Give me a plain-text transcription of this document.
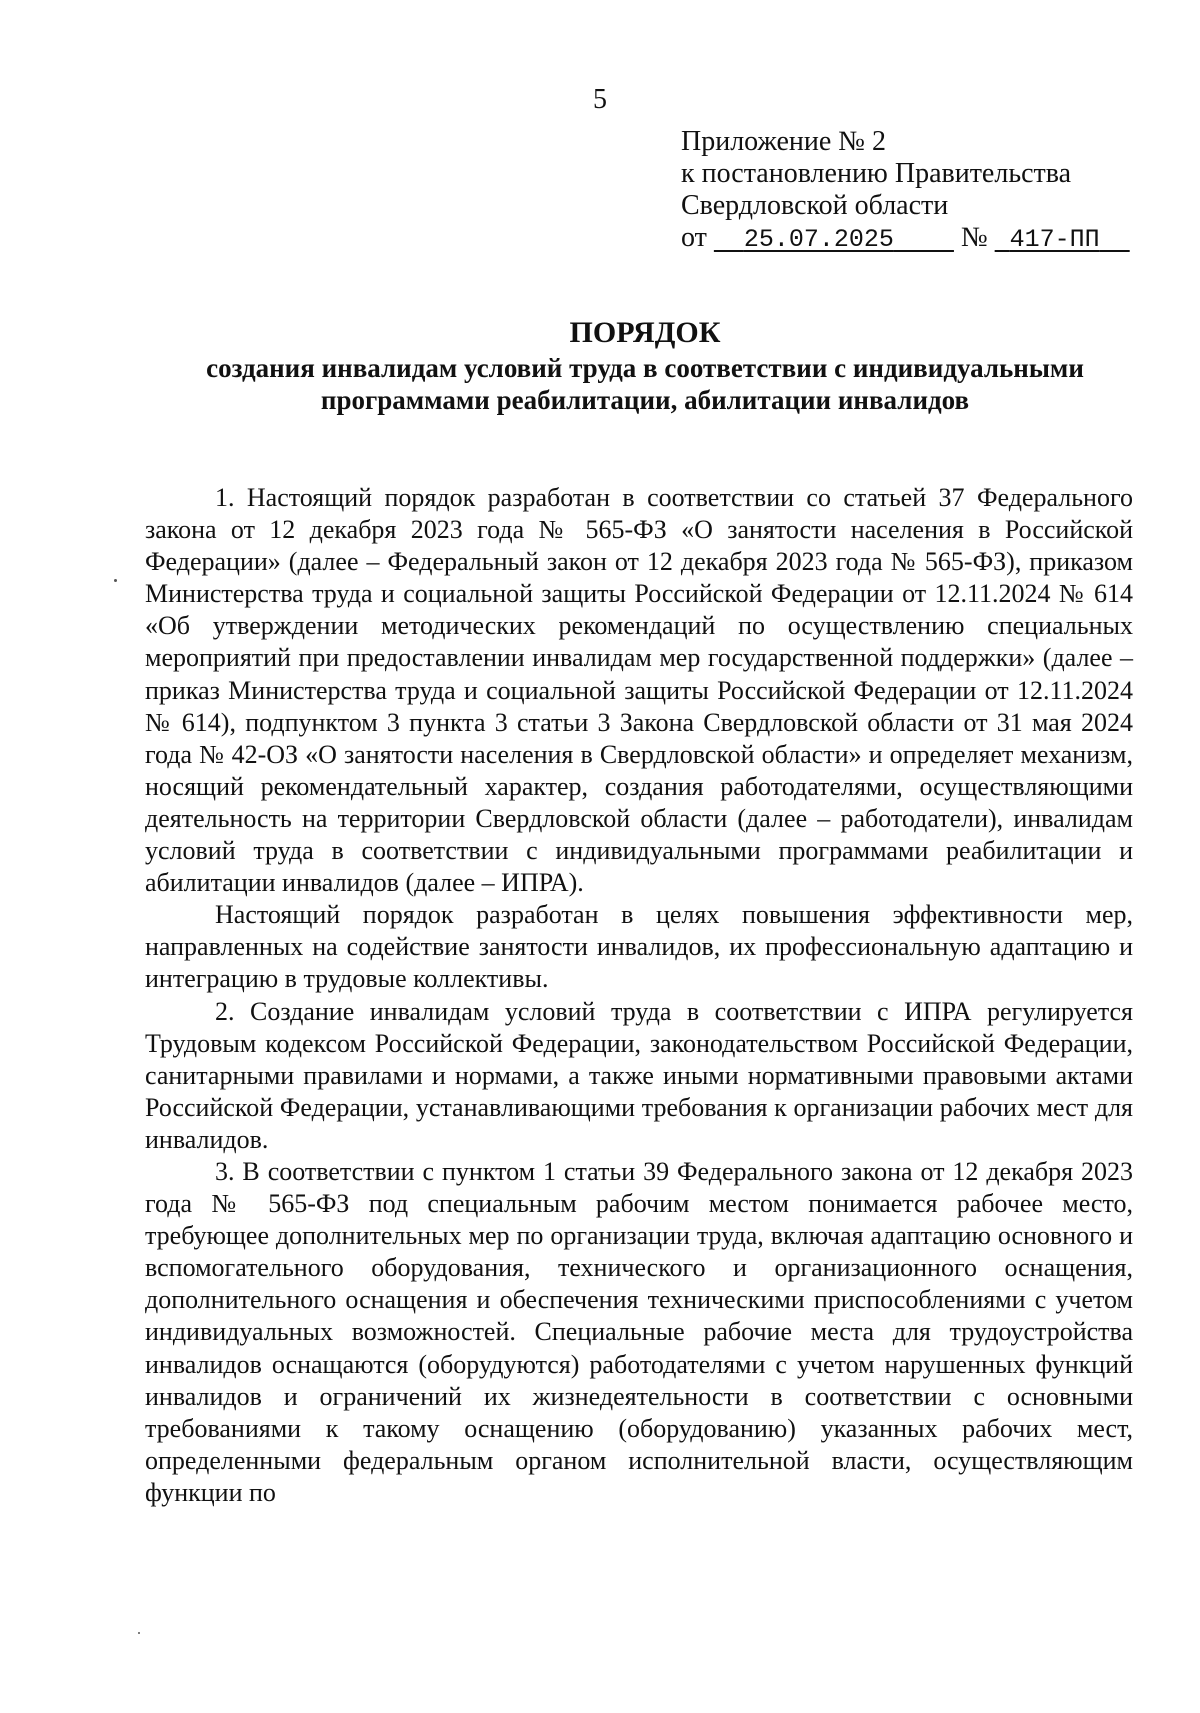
5
Приложение № 2
к постановлению Правительства
Свердловской области
от 25.07.2025 № 417-ПП
ПОРЯДОК
создания инвалидам условий труда в соответствии с индивидуальными программами реабилитации, абилитации инвалидов

1. Настоящий порядок разработан в соответствии со статьей 37 Федерального закона от 12 декабря 2023 года № 565-ФЗ «О занятости населения в Российской Федерации» (далее – Федеральный закон от 12 декабря 2023 года № 565-ФЗ), приказом Министерства труда и социальной защиты Российской Федерации от 12.11.2024 № 614 «Об утверждении методических рекомендаций по осуществлению специальных мероприятий при предоставлении инвалидам мер государственной поддержки» (далее – приказ Министерства труда и социальной защиты Российской Федерации от 12.11.2024 № 614), подпунктом 3 пункта 3 статьи 3 Закона Свердловской области от 31 мая 2024 года № 42-ОЗ «О занятости населения в Свердловской области» и определяет механизм, носящий рекомендательный характер, создания работодателями, осуществляющими деятельность на территории Свердловской области (далее – работодатели), инвалидам условий труда в соответствии с индивидуальными программами реабилитации и абилитации инвалидов (далее – ИПРА).

Настоящий порядок разработан в целях повышения эффективности мер, направленных на содействие занятости инвалидов, их профессиональную адаптацию и интеграцию в трудовые коллективы.

2. Создание инвалидам условий труда в соответствии с ИПРА регулируется Трудовым кодексом Российской Федерации, законодательством Российской Федерации, санитарными правилами и нормами, а также иными нормативными правовыми актами Российской Федерации, устанавливающими требования к организации рабочих мест для инвалидов.

3. В соответствии с пунктом 1 статьи 39 Федерального закона от 12 декабря 2023 года № 565-ФЗ под специальным рабочим местом понимается рабочее место, требующее дополнительных мер по организации труда, включая адаптацию основного и вспомогательного оборудования, технического и организационного оснащения, дополнительного оснащения и обеспечения техническими приспособлениями с учетом индивидуальных возможностей. Специальные рабочие места для трудоустройства инвалидов оснащаются (оборудуются) работодателями с учетом нарушенных функций инвалидов и ограничений их жизнедеятельности в соответствии с основными требованиями к такому оснащению (оборудованию) указанных рабочих мест, определенными федеральным органом исполнительной власти, осуществляющим функции по
